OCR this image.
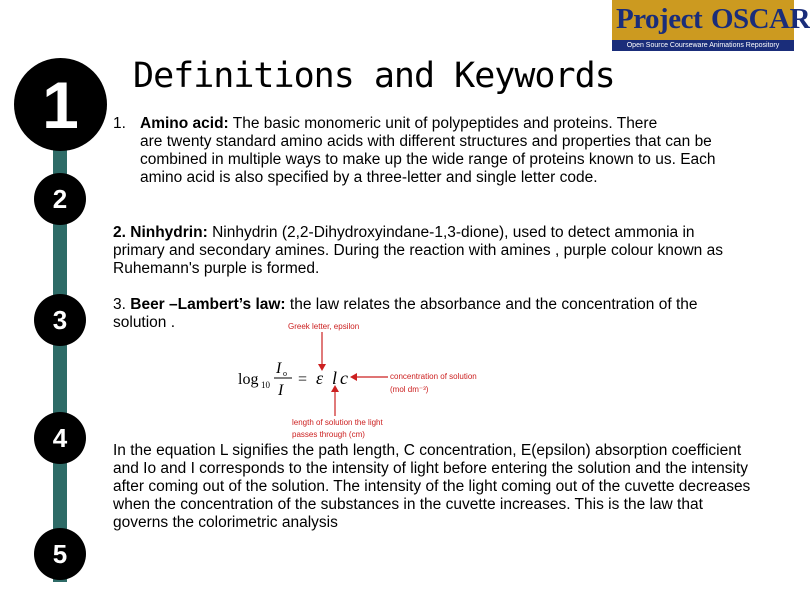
Project OSCAR
Open Source Courseware Animations Repository
1
2
3
4
5
Definitions and Keywords
1. Amino acid: The basic monomeric unit of polypeptides and proteins. There
are twenty standard amino acids with different structures and properties that can be combined in multiple ways to make up the wide range of proteins known to us. Each amino acid is also specified by a three-letter and single letter code.
2. Ninhydrin: Ninhydrin (2,2-Dihydroxyindane-1,3-dione), used to detect ammonia in primary and secondary amines. During the reaction with amines , purple colour known as Ruhemann's purple is formed.
3. Beer –Lambert’s law: the law relates the absorbance and the concentration of the solution .
log 10
I o
I
= ε l c
Greek letter, epsilon
concentration of solution
(mol dm⁻³)
length of solution the light
passes through (cm)
In the equation L signifies the path length, C concentration, E(epsilon) absorption coefficient and Io and I corresponds to the intensity of light before entering the solution and the intensity after coming out of the solution. The intensity of the light coming out of the cuvette decreases when the concentration of the substances in the cuvette increases. This is the law that governs the colorimetric analysis
